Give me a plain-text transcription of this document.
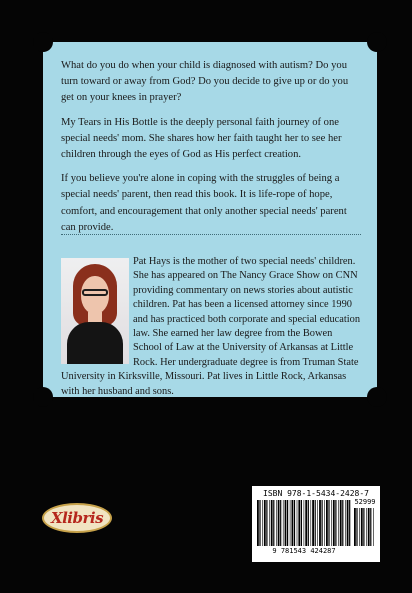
What do you do when your child is diagnosed with autism? Do you turn toward or away from God? Do you decide to give up or do you get on your knees in prayer?

My Tears in His Bottle is the deeply personal faith journey of one special needs' mom. She shares how her faith taught her to see her children through the eyes of God as His perfect creation.

If you believe you're alone in coping with the struggles of being a special needs' parent, then read this book. It is life-rope of hope, comfort, and encouragement that only another special needs' parent can provide.

Pat Hays is the mother of two special needs' children. She has appeared on The Nancy Grace Show on CNN providing commentary on news stories about autistic children. Pat has been a licensed attorney since 1990 and has practiced both corporate and special education law. She earned her law degree from the Bowen School of Law at the University of Arkansas at Little Rock. Her undergraduate degree is from Truman State University in Kirksville, Missouri. Pat lives in Little Rock, Arkansas with her husband and sons.
Xlibris
ISBN 978-1-5434-2428-7
52999
9 781543 424287
